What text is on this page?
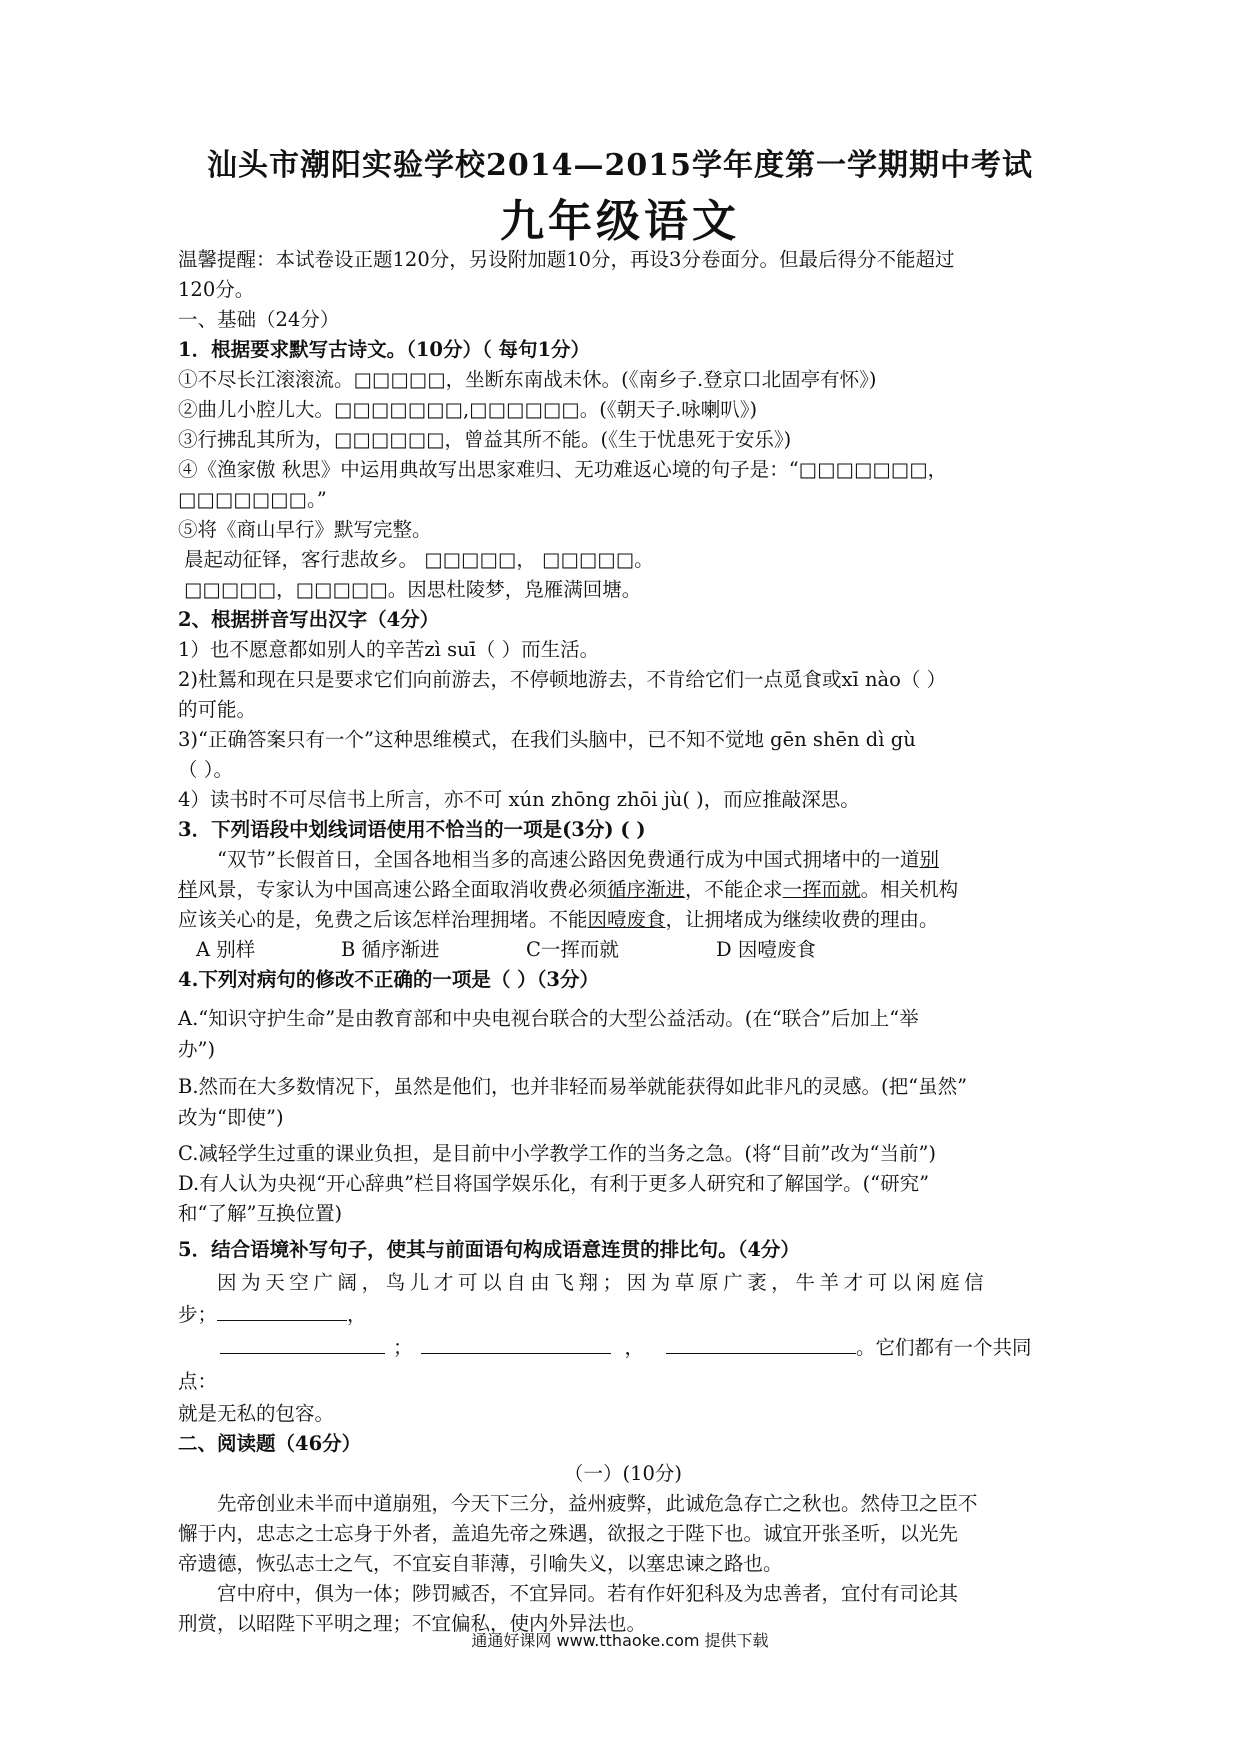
汕头市潮阳实验学校2014—2015学年度第一学期期中考试
九年级语文

温馨提醒：本试卷设正题120分，另设附加题10分，再设3分卷面分。但最后得分不能超过

120分。

一、基础（24分）

1．根据要求默写古诗文。（10分）（ 每句1分）

①不尽长江滚滚流。□□□□□，坐断东南战未休。(《南乡子.登京口北固亭有怀》)

②曲儿小腔儿大。□□□□□□□,□□□□□□。(《朝天子.咏喇叭》)

③行拂乱其所为，□□□□□□，曾益其所不能。(《生于忧患死于安乐》)

④《渔家傲 秋思》中运用典故写出思家难归、无功难返心境的句子是：“□□□□□□□，

□□□□□□□。”

⑤将《商山早行》默写完整。

晨起动征铎，客行悲故乡。 □□□□□， □□□□□。

□□□□□，□□□□□。因思杜陵梦，凫雁满回塘。

2、根据拼音写出汉字（4分）

1）也不愿意都如别人的辛苦zì suī（ ）而生活。

2)杜鵟和现在只是要求它们向前游去，不停顿地游去，不肯给它们一点觅食或xī nào（ ）

的可能。

3)“正确答案只有一个”这种思维模式，在我们头脑中，已不知不觉地 gēn shēn dì gù

（ ）。

4）读书时不可尽信书上所言，亦不可 xún zhōng zhōi jù( )，而应推敲深思。

3．下列语段中划线词语使用不恰当的一项是(3分) ( )

“双节”长假首日，全国各地相当多的高速公路因免费通行成为中国式拥堵中的一道别

样风景，专家认为中国高速公路全面取消收费必须循序渐进，不能企求一挥而就。相关机构

应该关心的是，免费之后该怎样治理拥堵。不能因噎废食，让拥堵成为继续收费的理由。

A 别样	B 循序渐进	C一挥而就	D 因噎废食

4.下列对病句的修改不正确的一项是（ ）（3分）

A.“知识守护生命”是由教育部和中央电视台联合的大型公益活动。(在“联合”后加上“举

办”)

B.然而在大多数情况下，虽然是他们，也并非轻而易举就能获得如此非凡的灵感。(把“虽然”

改为“即使”)

C.减轻学生过重的课业负担，是目前中小学教学工作的当务之急。(将“目前”改为“当前”)

D.有人认为央视“开心辞典”栏目将国学娱乐化，有利于更多人研究和了解国学。(“研究”

和“了解”互换位置)

5．结合语境补写句子，使其与前面语句构成语意连贯的排比句。（4分）

因为天空广阔，鸟儿才可以自由飞翔；因为草原广袤，牛羊才可以闲庭信

步；	，

；	，	。它们都有一个共同点：

就是无私的包容。

二、阅读题（46分）

（一）(10分)

先帝创业未半而中道崩殂，今天下三分，益州疲弊，此诚危急存亡之秋也。然侍卫之臣不

懈于内，忠志之士忘身于外者，盖追先帝之殊遇，欲报之于陛下也。诚宜开张圣听，以光先

帝遗德，恢弘志士之气，不宜妄自菲薄，引喻失义，以塞忠谏之路也。

宫中府中，俱为一体；陟罚臧否，不宜异同。若有作奸犯科及为忠善者，宜付有司论其

刑赏，以昭陛下平明之理；不宜偏私，使内外异法也。

通通好课网 www.tthaoke.com 提供下载
